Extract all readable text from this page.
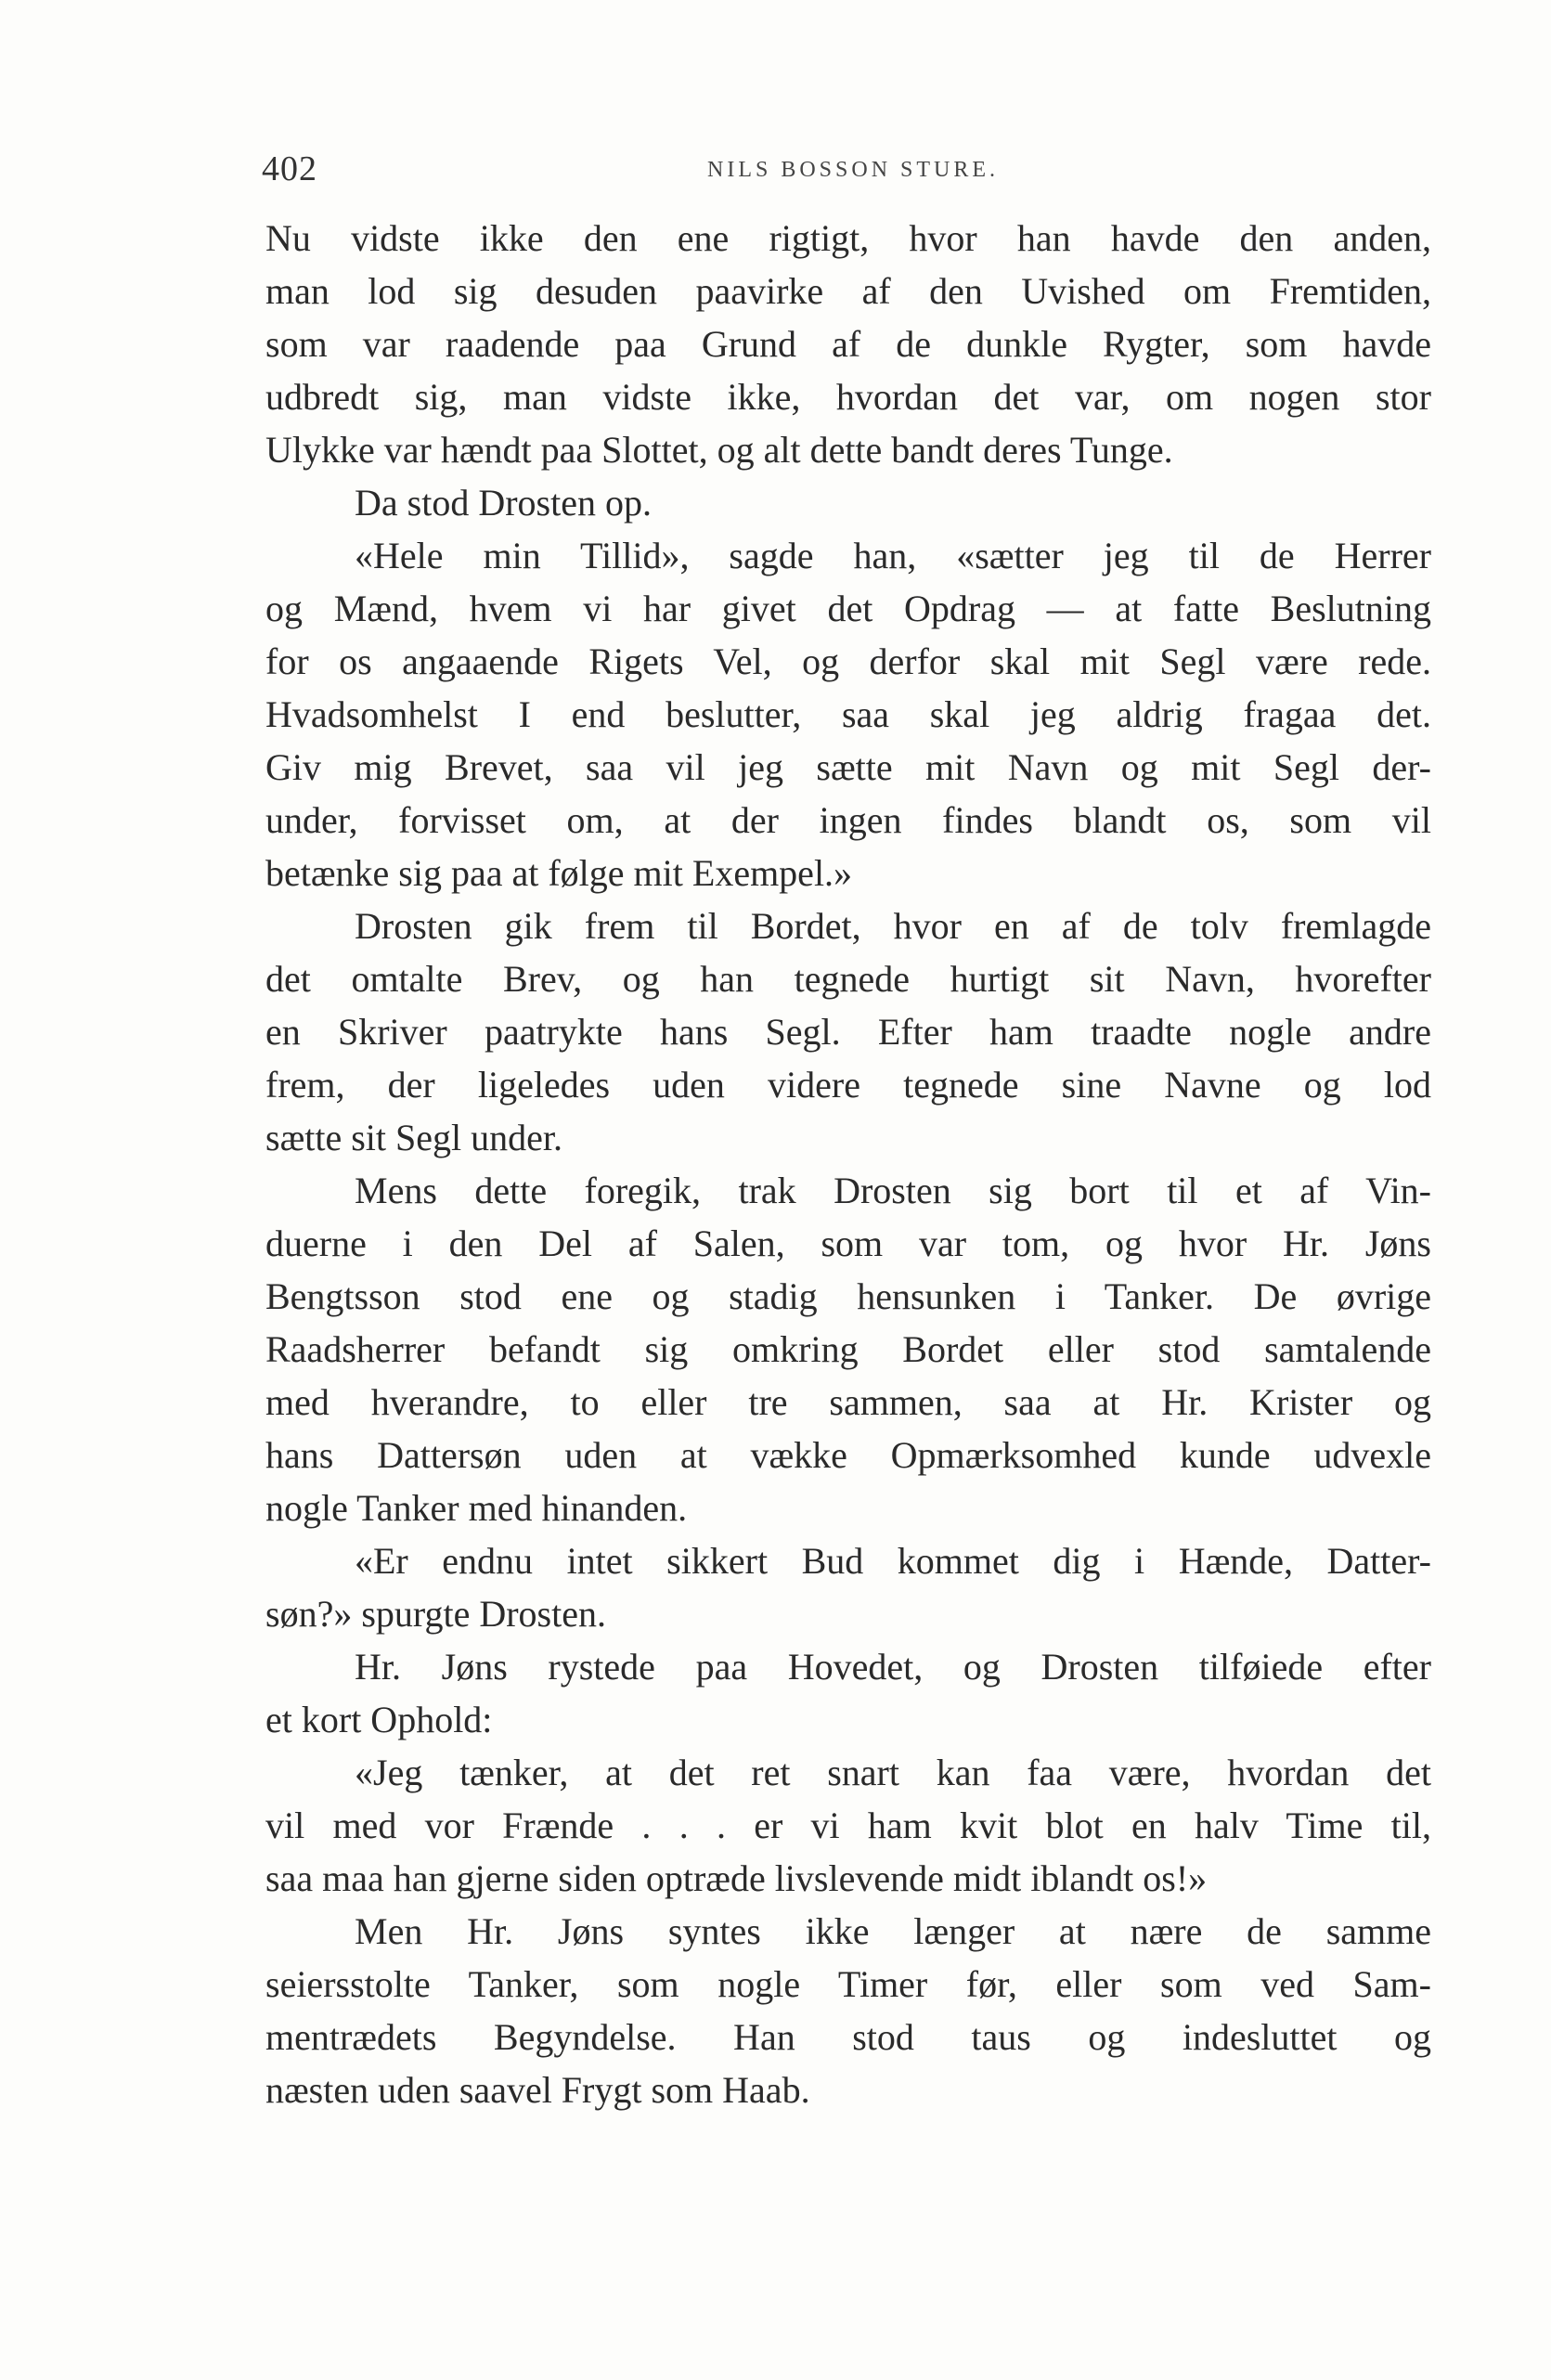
402	NILS BOSSON STURE.
Nu vidste ikke den ene rigtigt, hvor han havde den anden,
man lod sig desuden paavirke af den Uvished om Fremtiden,
som var raadende paa Grund af de dunkle Rygter, som havde
udbredt sig, man vidste ikke, hvordan det var, om nogen stor
Ulykke var hændt paa Slottet, og alt dette bandt deres Tunge.
Da stod Drosten op.
«Hele min Tillid», sagde han, «sætter jeg til de Herrer
og Mænd, hvem vi har givet det Opdrag — at fatte Beslutning
for os angaaende Rigets Vel, og derfor skal mit Segl være rede.
Hvadsomhelst I end beslutter, saa skal jeg aldrig fragaa det.
Giv mig Brevet, saa vil jeg sætte mit Navn og mit Segl der-
under, forvisset om, at der ingen findes blandt os, som vil
betænke sig paa at følge mit Exempel.»
Drosten gik frem til Bordet, hvor en af de tolv fremlagde
det omtalte Brev, og han tegnede hurtigt sit Navn, hvorefter
en Skriver paatrykte hans Segl. Efter ham traadte nogle andre
frem, der ligeledes uden videre tegnede sine Navne og lod
sætte sit Segl under.
Mens dette foregik, trak Drosten sig bort til et af Vin-
duerne i den Del af Salen, som var tom, og hvor Hr. Jøns
Bengtsson stod ene og stadig hensunken i Tanker. De øvrige
Raadsherrer befandt sig omkring Bordet eller stod samtalende
med hverandre, to eller tre sammen, saa at Hr. Krister og
hans Dattersøn uden at vække Opmærksomhed kunde udvexle
nogle Tanker med hinanden.
«Er endnu intet sikkert Bud kommet dig i Hænde, Datter-
søn?» spurgte Drosten.
Hr. Jøns rystede paa Hovedet, og Drosten tilføiede efter
et kort Ophold:
«Jeg tænker, at det ret snart kan faa være, hvordan det
vil med vor Frænde . . . er vi ham kvit blot en halv Time til,
saa maa han gjerne siden optræde livslevende midt iblandt os!»
Men Hr. Jøns syntes ikke længer at nære de samme
seiersstolte Tanker, som nogle Timer før, eller som ved Sam-
mentrædets Begyndelse. Han stod taus og indesluttet og
næsten uden saavel Frygt som Haab.
